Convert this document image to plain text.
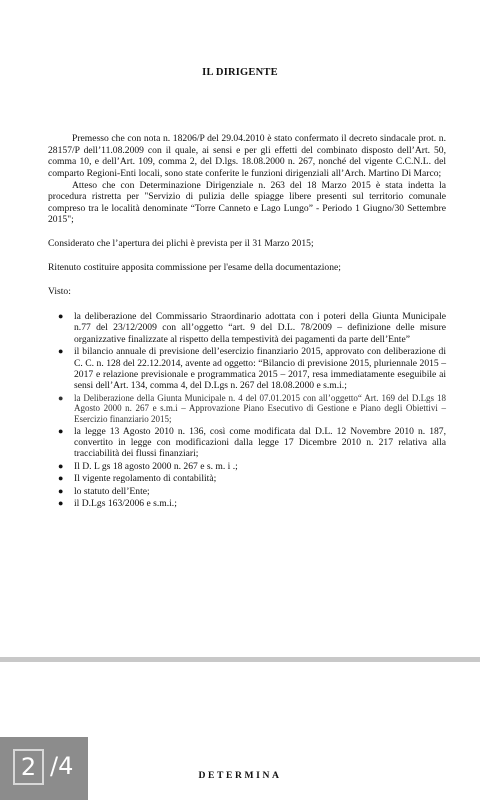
IL DIRIGENTE

Premesso che con nota n. 18206/P del 29.04.2010 è stato confermato il decreto sindacale prot. n. 28157/P dell’11.08.2009 con il quale, ai sensi e per gli effetti del combinato disposto dell’Art. 50, comma 10, e dell’Art. 109, comma 2, del D.lgs. 18.08.2000 n. 267, nonché del vigente C.C.N.L. del comparto Regioni-Enti locali, sono state conferite le funzioni dirigenziali all’Arch. Martino Di Marco;

Atteso che con Determinazione Dirigenziale n. 263 del 18 Marzo 2015 è stata indetta la procedura ristretta per "Servizio di pulizia delle spiagge libere presenti sul territorio comunale compreso tra le località denominate “Torre Canneto e Lago Lungo” - Periodo 1 Giugno/30 Settembre 2015";

Considerato che l’apertura dei plichi è prevista per il 31 Marzo 2015;

Ritenuto costituire apposita commissione per l'esame della documentazione;

Visto:

● la deliberazione del Commissario Straordinario adottata con i poteri della Giunta Municipale n.77 del 23/12/2009 con all’oggetto “art. 9 del D.L. 78/2009 – definizione delle misure organizzative finalizzate al rispetto della tempestività dei pagamenti da parte dell’Ente”
● il bilancio annuale di previsione dell’esercizio finanziario 2015, approvato con deliberazione di C. C. n. 128 del 22.12.2014, avente ad oggetto: “Bilancio di previsione 2015, pluriennale 2015 – 2017 e relazione previsionale e programmatica 2015 – 2017, resa immediatamente eseguibile ai sensi dell’Art. 134, comma 4, del D.Lgs n. 267 del 18.08.2000 e s.m.i.;
● la Deliberazione della Giunta Municipale n. 4 del 07.01.2015 con all’oggetto“ Art. 169 del D.Lgs 18 Agosto 2000 n. 267 e s.m.i – Approvazione Piano Esecutivo di Gestione e Piano degli Obiettivi – Esercizio finanziario 2015;
● la legge 13 Agosto 2010 n. 136, così come modificata dal D.L. 12 Novembre 2010 n. 187, convertito in legge con modificazioni dalla legge 17 Dicembre 2010 n. 217 relativa alla tracciabilità dei flussi finanziari;
● Il D. L gs 18 agosto 2000 n. 267 e s. m. i .;
● Il vigente regolamento di contabilità;
● lo statuto dell’Ente;
● il D.Lgs 163/2006 e s.m.i.;
2 /4	DETERMINA
